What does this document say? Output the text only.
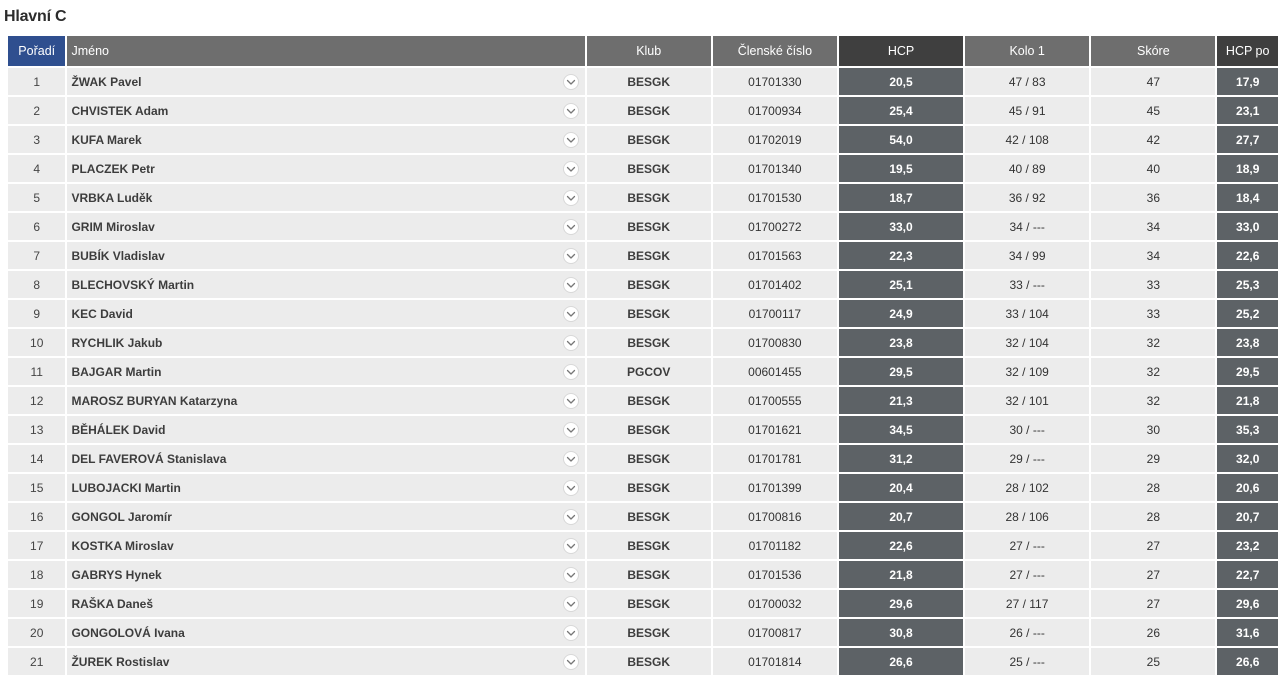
Hlavní C
Pořadí	Jméno	Klub	Členské číslo	HCP	Kolo 1	Skóre	HCP po
1	ŽWAK Pavel	BESGK	01701330	20,5	47 / 83	47	17,9
2	CHVISTEK Adam	BESGK	01700934	25,4	45 / 91	45	23,1
3	KUFA Marek	BESGK	01702019	54,0	42 / 108	42	27,7
4	PLACZEK Petr	BESGK	01701340	19,5	40 / 89	40	18,9
5	VRBKA Luděk	BESGK	01701530	18,7	36 / 92	36	18,4
6	GRIM Miroslav	BESGK	01700272	33,0	34 / ---	34	33,0
7	BUBÍK Vladislav	BESGK	01701563	22,3	34 / 99	34	22,6
8	BLECHOVSKÝ Martin	BESGK	01701402	25,1	33 / ---	33	25,3
9	KEC David	BESGK	01700117	24,9	33 / 104	33	25,2
10	RYCHLIK Jakub	BESGK	01700830	23,8	32 / 104	32	23,8
11	BAJGAR Martin	PGCOV	00601455	29,5	32 / 109	32	29,5
12	MAROSZ BURYAN Katarzyna	BESGK	01700555	21,3	32 / 101	32	21,8
13	BĚHÁLEK David	BESGK	01701621	34,5	30 / ---	30	35,3
14	DEL FAVEROVÁ Stanislava	BESGK	01701781	31,2	29 / ---	29	32,0
15	LUBOJACKI Martin	BESGK	01701399	20,4	28 / 102	28	20,6
16	GONGOL Jaromír	BESGK	01700816	20,7	28 / 106	28	20,7
17	KOSTKA Miroslav	BESGK	01701182	22,6	27 / ---	27	23,2
18	GABRYS Hynek	BESGK	01701536	21,8	27 / ---	27	22,7
19	RAŠKA Daneš	BESGK	01700032	29,6	27 / 117	27	29,6
20	GONGOLOVÁ Ivana	BESGK	01700817	30,8	26 / ---	26	31,6
21	ŽUREK Rostislav	BESGK	01701814	26,6	25 / ---	25	26,6
